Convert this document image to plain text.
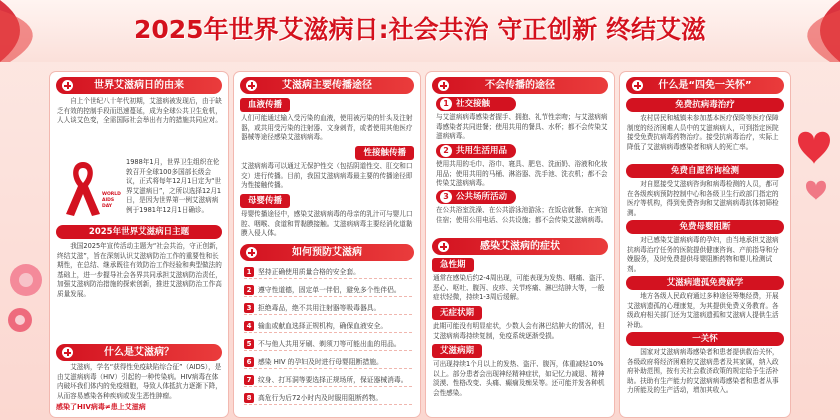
2025年世界艾滋病日:社会共治 守正创新 终结艾滋
世界艾滋病日的由来
自上个世纪八十年代初期，艾滋病被发现后，由于缺乏有效的控制手段而迅速蔓延，成为全球公共卫生危机，人人谈艾色变，全需国际社会举出有力的措施共同应对。
WORLD AIDS DAY
1988年1月，世界卫生组织在伦敦召开全球100多国部长级会议，正式将每年12月1日定为“世界艾滋病日”，之所以选择12月1日，是因为世界第一例艾滋病病例于1981年12月1日确诊。
2025年世界艾滋病日主题
我国2025年宣传活动主题为“社会共治，守正创新，终结艾滋”，旨在深刻认识艾滋病防治工作的重要性和长期性，在总结、继承既往有效防治工作经验和典型做法的基础上，进一步握导社会各界共同承担艾滋病防治责任，加强艾滋病防治措施的探索创新，推进艾滋病防治工作高质量发展。
什么是艾滋病？
艾滋病，学名“获得性免疫缺陷综合征”（AIDS），是由艾滋病病毒（HIV）引起的一种传染病。HIV病毒在体内破坏我们体内的免疫细胞，导致人体抵抗力逐渐下降，从而容易感染各种疾病或发生恶性肿瘤。
感染了HIV病毒≠患上艾滋病
艾滋病主要传播途径
血液传播
人们可能通过输入受污染的血液，使用被污染的针头及注射器，或共用受污染的注射器、文身刺青，或者使用其他医疗器械等途径感染艾滋病病毒。
性接触传播
艾滋病病毒可以通过无保护性交（包括阴道性交、肛交和口交）进行传播。目前，我国艾滋病病毒最主要的传播途径即为性接触传播。
母婴传播
母婴传播途径中，感染艾滋病病毒的母亲的乳汁可与婴儿口腔、咽喉、食道和胃黏膜接触。艾滋病病毒主要经消化道黏膜入侵人体。
如何预防艾滋病
1 坚持正确使用质量合格的安全套。
2 遵守性道德，固定单一伴侣，避免多个性伴侣。
3 拒绝毒品，绝不共用注射器等吸毒器具。
4 输血或献血选择正规机构，确保血液安全。
5 不与他人共用牙刷、剃须刀等可能出血的用品。
6 感染 HIV 的孕妇及时进行母婴阻断措施。
7 纹身、打耳洞等要选择正规场所，保证器械消毒。
8 高危行为后72小时内及时服用阻断药物。
不会传播的途径
1 社交接触
与艾滋病病毒感染者握手、拥抱、礼节性亲吻；与艾滋病病毒感染者共同进餐；使用共用的餐具、水杯；都不会传染艾滋病病毒。
2 共用生活用品
使用共用的毛巾、浴巾、寝具、肥皂、洗面奶、浴液和化妆用品；使用共用的马桶、淋浴器、洗手池、洗衣机；都不会传染艾滋病病毒。
3 公共场所活动
在公共浴室洗澡、在公共游泳池游泳；在饭店就餐、在宾馆住宿；使用公用电话、公共设施；都不会传染艾滋病病毒。
感染艾滋病的症状
急性期
通常在感染后约2-4周出现，可能表现为发热、咽痛、盗汗、恶心、呕吐、腹泻、皮疹、关节疼痛、淋巴结肿大等，一般症状轻微，持续1-3周后缓解。
无症状期
此期可能没有明显症状，少数人会有淋巴结肿大的情况，但艾滋病病毒持续复制，免疫系统逐渐受损。
艾滋病期
可出现持续1个月以上的发热、盗汗、腹泻，体重减轻10%以上。部分患者会出现神经精神症状，如记忆力减退、精神淡漠、性格改变、头痛、癫痫及痴呆等。还可能并发各种机会性感染。
什么是“四免一关怀”
免费抗病毒治疗
农村居民和城镇未参加基本医疗保险等医疗保障制度的经济困难人员中的艾滋病病人，可到指定医院接受免费抗病毒药物治疗。接受抗病毒治疗，实际上降低了艾滋病病毒感染者和病人的死亡率。
免费自愿咨询检测
对自愿接受艾滋病咨询和病毒检测的人员，都可在各级疾病预防控制中心和各级卫生行政部门指定的医疗等机构，得到免费咨询和艾滋病病毒抗体初筛检测。
免费母婴阻断
对已感染艾滋病病毒的孕妇，由当地承担艾滋病抗病毒治疗任务的医院提供健康咨询、产前指导和分娩服务，及时免费提供母婴阻断药物和婴儿检测试剂。
艾滋病遗孤免费就学
地方各级人民政府通过多种途径筹集经费，开展艾滋病遗孤的心理康复，为其提供免费义务教育。各级政府相关部门还为艾滋病遗孤和艾滋病人提供生活补助。
一关怀
国家对艾滋病病毒感染者和患者提供救治关怀，各级政府将经济困难的艾滋病患者及其家属，纳入政府补助范围，按有关社会救济政策的规定给予生活补助。扶助有生产能力的艾滋病病毒感染者和患者从事力所能及的生产活动，增加其收入。
